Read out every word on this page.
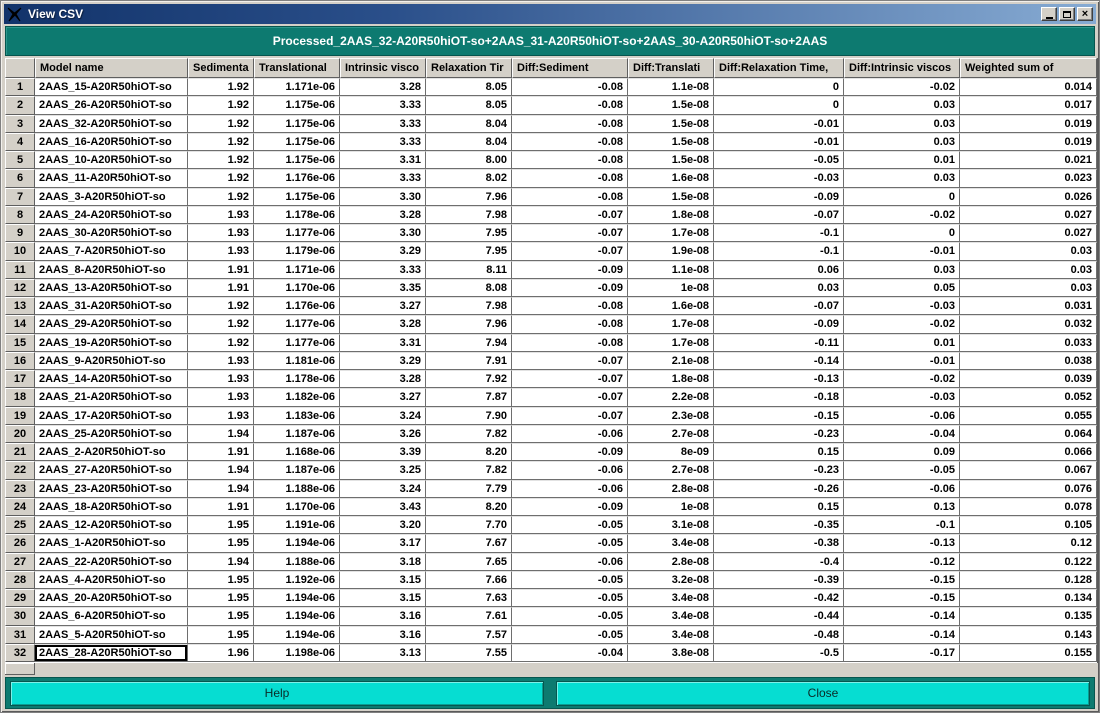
View CSV	×
Processed_2AAS_32-A20R50hiOT-so+2AAS_31-A20R50hiOT-so+2AAS_30-A20R50hiOT-so+2AAS
	Model name	Sedimenta	Translational	Intrinsic visco	Relaxation Tir	Diff:Sediment	Diff:Translati	Diff:Relaxation Time,	Diff:Intrinsic viscos	Weighted sum of
1	2AAS_15-A20R50hiOT-so	1.92	1.171e-06	3.28	8.05	-0.08	1.1e-08	0	-0.02	0.014
2	2AAS_26-A20R50hiOT-so	1.92	1.175e-06	3.33	8.05	-0.08	1.5e-08	0	0.03	0.017
3	2AAS_32-A20R50hiOT-so	1.92	1.175e-06	3.33	8.04	-0.08	1.5e-08	-0.01	0.03	0.019
4	2AAS_16-A20R50hiOT-so	1.92	1.175e-06	3.33	8.04	-0.08	1.5e-08	-0.01	0.03	0.019
5	2AAS_10-A20R50hiOT-so	1.92	1.175e-06	3.31	8.00	-0.08	1.5e-08	-0.05	0.01	0.021
6	2AAS_11-A20R50hiOT-so	1.92	1.176e-06	3.33	8.02	-0.08	1.6e-08	-0.03	0.03	0.023
7	2AAS_3-A20R50hiOT-so	1.92	1.175e-06	3.30	7.96	-0.08	1.5e-08	-0.09	0	0.026
8	2AAS_24-A20R50hiOT-so	1.93	1.178e-06	3.28	7.98	-0.07	1.8e-08	-0.07	-0.02	0.027
9	2AAS_30-A20R50hiOT-so	1.93	1.177e-06	3.30	7.95	-0.07	1.7e-08	-0.1	0	0.027
10	2AAS_7-A20R50hiOT-so	1.93	1.179e-06	3.29	7.95	-0.07	1.9e-08	-0.1	-0.01	0.03
11	2AAS_8-A20R50hiOT-so	1.91	1.171e-06	3.33	8.11	-0.09	1.1e-08	0.06	0.03	0.03
12	2AAS_13-A20R50hiOT-so	1.91	1.170e-06	3.35	8.08	-0.09	1e-08	0.03	0.05	0.03
13	2AAS_31-A20R50hiOT-so	1.92	1.176e-06	3.27	7.98	-0.08	1.6e-08	-0.07	-0.03	0.031
14	2AAS_29-A20R50hiOT-so	1.92	1.177e-06	3.28	7.96	-0.08	1.7e-08	-0.09	-0.02	0.032
15	2AAS_19-A20R50hiOT-so	1.92	1.177e-06	3.31	7.94	-0.08	1.7e-08	-0.11	0.01	0.033
16	2AAS_9-A20R50hiOT-so	1.93	1.181e-06	3.29	7.91	-0.07	2.1e-08	-0.14	-0.01	0.038
17	2AAS_14-A20R50hiOT-so	1.93	1.178e-06	3.28	7.92	-0.07	1.8e-08	-0.13	-0.02	0.039
18	2AAS_21-A20R50hiOT-so	1.93	1.182e-06	3.27	7.87	-0.07	2.2e-08	-0.18	-0.03	0.052
19	2AAS_17-A20R50hiOT-so	1.93	1.183e-06	3.24	7.90	-0.07	2.3e-08	-0.15	-0.06	0.055
20	2AAS_25-A20R50hiOT-so	1.94	1.187e-06	3.26	7.82	-0.06	2.7e-08	-0.23	-0.04	0.064
21	2AAS_2-A20R50hiOT-so	1.91	1.168e-06	3.39	8.20	-0.09	8e-09	0.15	0.09	0.066
22	2AAS_27-A20R50hiOT-so	1.94	1.187e-06	3.25	7.82	-0.06	2.7e-08	-0.23	-0.05	0.067
23	2AAS_23-A20R50hiOT-so	1.94	1.188e-06	3.24	7.79	-0.06	2.8e-08	-0.26	-0.06	0.076
24	2AAS_18-A20R50hiOT-so	1.91	1.170e-06	3.43	8.20	-0.09	1e-08	0.15	0.13	0.078
25	2AAS_12-A20R50hiOT-so	1.95	1.191e-06	3.20	7.70	-0.05	3.1e-08	-0.35	-0.1	0.105
26	2AAS_1-A20R50hiOT-so	1.95	1.194e-06	3.17	7.67	-0.05	3.4e-08	-0.38	-0.13	0.12
27	2AAS_22-A20R50hiOT-so	1.94	1.188e-06	3.18	7.65	-0.06	2.8e-08	-0.4	-0.12	0.122
28	2AAS_4-A20R50hiOT-so	1.95	1.192e-06	3.15	7.66	-0.05	3.2e-08	-0.39	-0.15	0.128
29	2AAS_20-A20R50hiOT-so	1.95	1.194e-06	3.15	7.63	-0.05	3.4e-08	-0.42	-0.15	0.134
30	2AAS_6-A20R50hiOT-so	1.95	1.194e-06	3.16	7.61	-0.05	3.4e-08	-0.44	-0.14	0.135
31	2AAS_5-A20R50hiOT-so	1.95	1.194e-06	3.16	7.57	-0.05	3.4e-08	-0.48	-0.14	0.143
32	2AAS_28-A20R50hiOT-so	1.96	1.198e-06	3.13	7.55	-0.04	3.8e-08	-0.5	-0.17	0.155
Help	Close
